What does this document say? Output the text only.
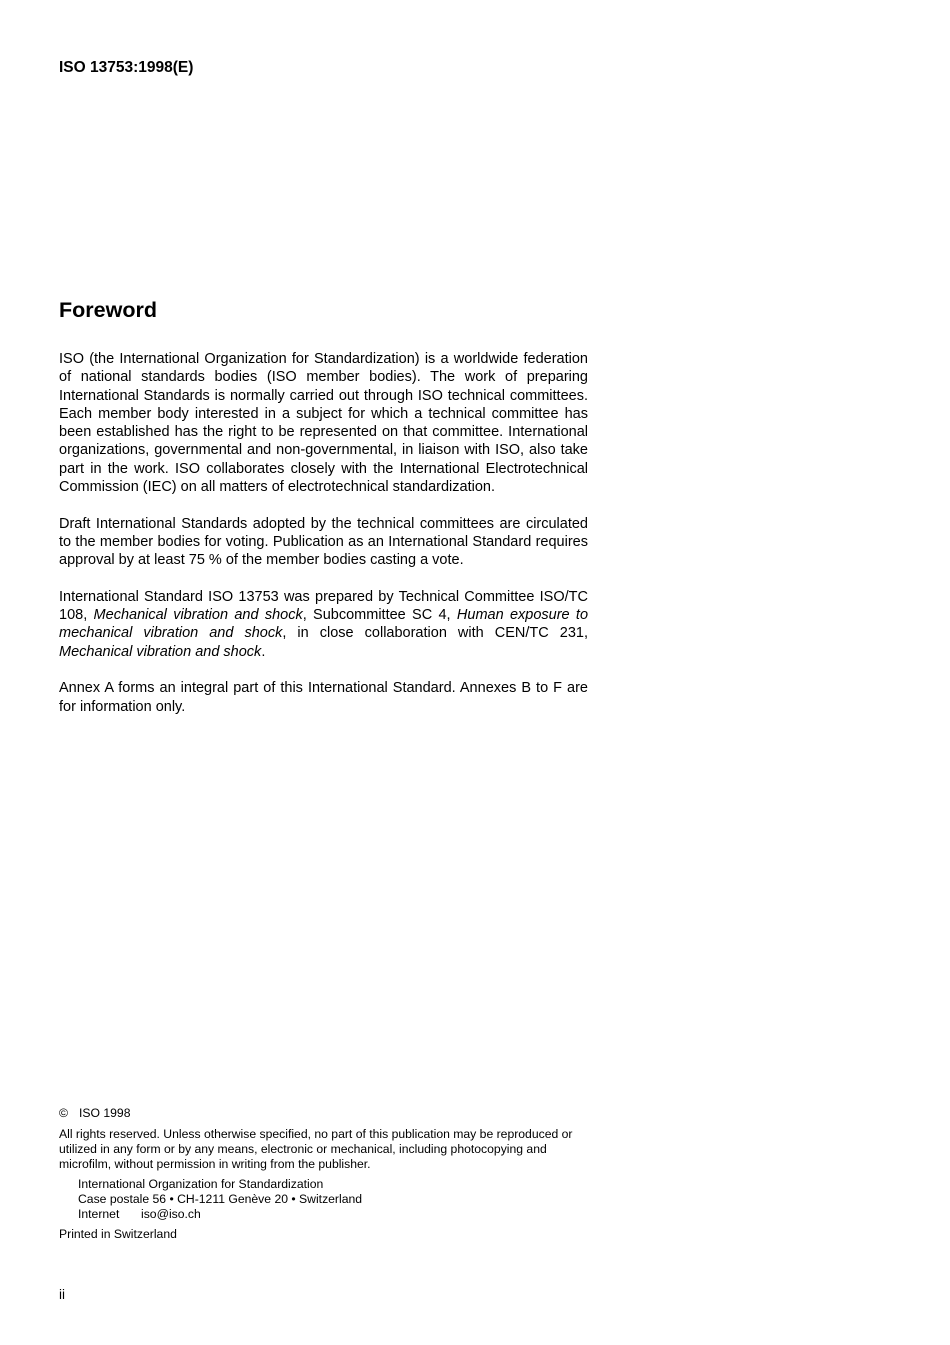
ISO 13753:1998(E)
Foreword

ISO (the International Organization for Standardization) is a worldwide federation of national standards bodies (ISO member bodies). The work of preparing International Standards is normally carried out through ISO technical committees. Each member body interested in a subject for which a technical committee has been established has the right to be represented on that committee. International organizations, governmental and non-governmental, in liaison with ISO, also take part in the work. ISO collaborates closely with the International Electrotechnical Commission (IEC) on all matters of electrotechnical standardization.

Draft International Standards adopted by the technical committees are circulated to the member bodies for voting. Publication as an International Standard requires approval by at least 75 % of the member bodies casting a vote.

International Standard ISO 13753 was prepared by Technical Committee ISO/TC 108, Mechanical vibration and shock, Subcommittee SC 4, Human exposure to mechanical vibration and shock, in close collaboration with CEN/TC 231, Mechanical vibration and shock.

Annex A forms an integral part of this International Standard. Annexes B to F are for information only.

© ISO 1998
All rights reserved. Unless otherwise specified, no part of this publication may be reproduced or utilized in any form or by any means, electronic or mechanical, including photocopying and microfilm, without permission in writing from the publisher.
International Organization for Standardization
Case postale 56 • CH-1211 Genève 20 • Switzerland
Internet iso@iso.ch
Printed in Switzerland
ii
